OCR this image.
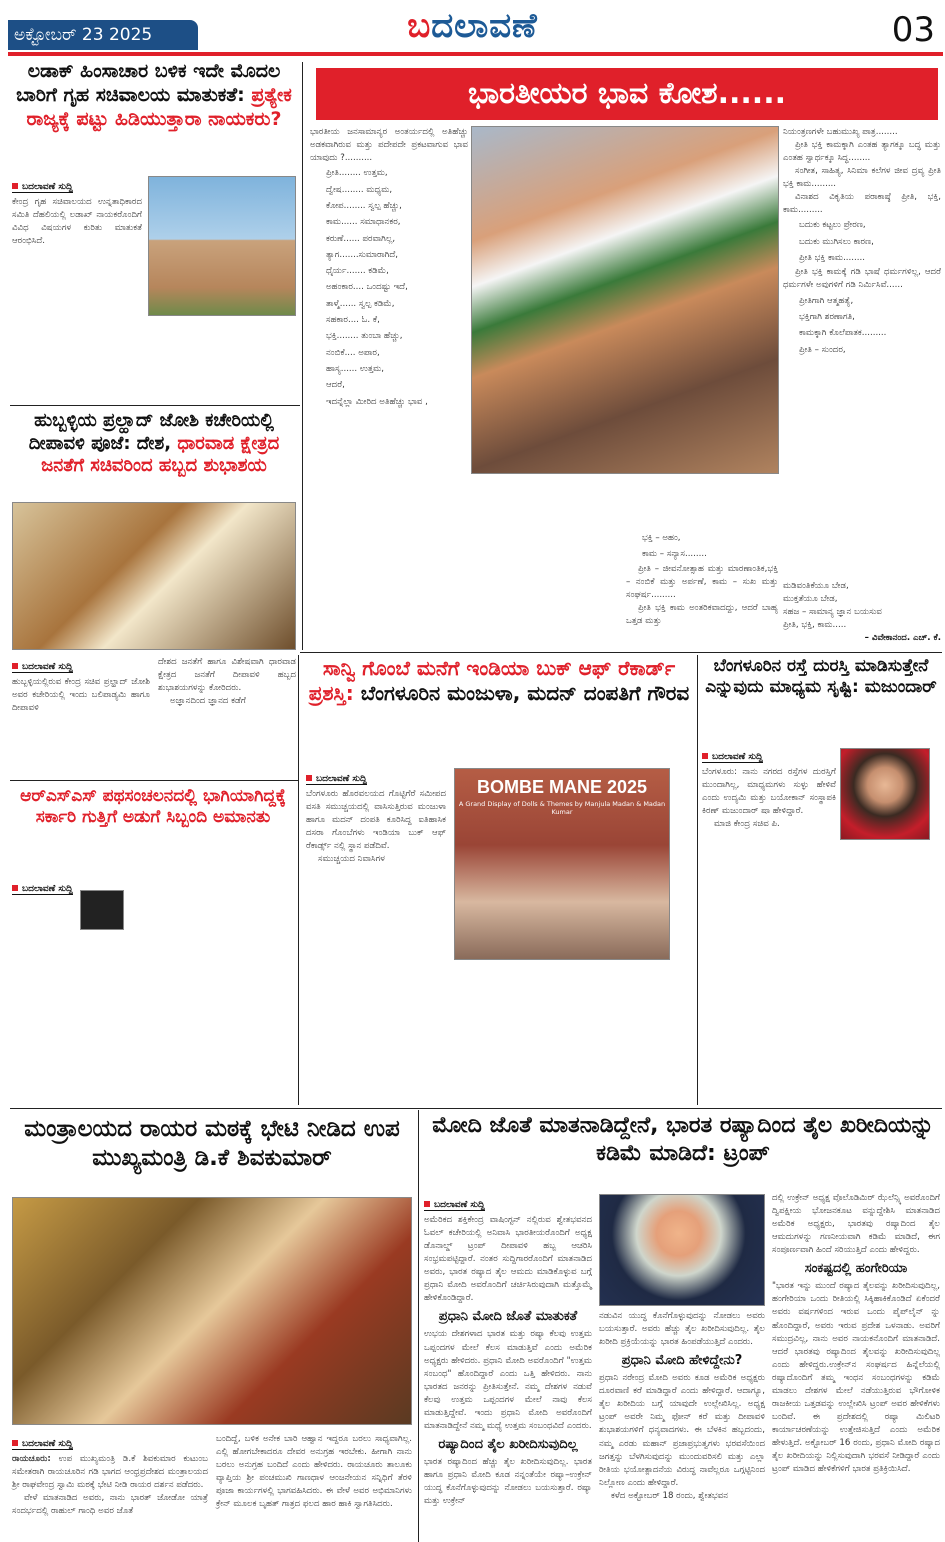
ಅಕ್ಟೋಬರ್ 23 2025	ಬದಲಾವಣೆ	03
ಲಡಾಕ್ ಹಿಂಸಾಚಾರ ಬಳಿಕ ಇದೇ ಮೊದಲ ಬಾರಿಗೆ ಗೃಹ ಸಚಿವಾಲಯ ಮಾತುಕತೆ: ಪ್ರತ್ಯೇಕ ರಾಜ್ಯಕ್ಕೆ ಪಟ್ಟು ಹಿಡಿಯುತ್ತಾರಾ ನಾಯಕರು?
ಬದಲಾವಣೆ ಸುದ್ದಿ
ಕೇಂದ್ರ ಗೃಹ ಸಚಿವಾಲಯದ ಉನ್ನತಾಧಿಕಾರದ ಸಮಿತಿ ದೆಹಲಿಯಲ್ಲಿ ಲಡಾಖ್ ನಾಯಕರೊಂದಿಗೆ ವಿವಿಧ ವಿಷಯಗಳ ಕುರಿತು ಮಾತುಕತೆ ಆರಂಭಿಸಿದೆ.
ಹುಬ್ಬಳ್ಳಿಯ ಪ್ರಲ್ಹಾದ್ ಜೋಶಿ ಕಚೇರಿಯಲ್ಲಿ ದೀಪಾವಳಿ ಪೂಜೆ: ದೇಶ, ಧಾರವಾಡ ಕ್ಷೇತ್ರದ ಜನತೆಗೆ ಸಚಿವರಿಂದ ಹಬ್ಬದ ಶುಭಾಶಯ
ಬದಲಾವಣೆ ಸುದ್ದಿ
ಹುಬ್ಬಳ್ಳಿಯಲ್ಲಿರುವ ಕೇಂದ್ರ ಸಚಿವ ಪ್ರಲ್ಹಾದ್ ಜೋಶಿ ಅವರ ಕಚೇರಿಯಲ್ಲಿ ಇಂದು ಬಲಿಪಾಡ್ಯಮಿ ಹಾಗೂ ದೀಪಾವಳಿ
ದೇಶದ ಜನತೆಗೆ ಹಾಗೂ ವಿಶೇಷವಾಗಿ ಧಾರವಾಡ ಕ್ಷೇತ್ರದ ಜನತೆಗೆ ದೀಪಾವಳಿ ಹಬ್ಬದ ಶುಭಾಶಯಗಳನ್ನು ಕೋರಿದರು.
ಅಜ್ಞಾನದಿಂದ ಜ್ಞಾನದ ಕಡೆಗೆ
ಆರ್‌ಎಸ್‌ಎಸ್ ಪಥಸಂಚಲನದಲ್ಲಿ ಭಾಗಿಯಾಗಿದ್ದಕ್ಕೆ ಸರ್ಕಾರಿ ಗುತ್ತಿಗೆ ಅಡುಗೆ ಸಿಬ್ಬಂದಿ ಅಮಾನತು
ಬದಲಾವಣೆ ಸುದ್ದಿ
ಭಾರತೀಯರ ಭಾವ ಕೋಶ......
ಭಾರತೀಯ ಜನಸಾಮಾನ್ಯರ ಅಂತರ್ಯದಲ್ಲಿ ಅತಿಹೆಚ್ಚು ಅಡಕವಾಗಿರುವ ಮತ್ತು ಪದೇಪದೇ ಪ್ರಕಟವಾಗುವ ಭಾವ ಯಾವುದು ?..........
ಪ್ರೀತಿ........ ಉತ್ತಮ,
ದ್ವೇಷ........ ಮಧ್ಯಮ,
ಕೋಪ........ ಸ್ವಲ್ಪ ಹೆಚ್ಚು,
ಕಾಮ...... ಸಮಾಧಾನಕರ,
ಕರುಣೆ...... ಪರವಾಗಿಲ್ಲ,
ತ್ಯಾಗ.......ಸುಮಾರಾಗಿದೆ,
ಧೈರ್ಯ....... ಕಡಿಮೆ,
ಅಹಂಕಾರ.... ಒಂದಷ್ಟು ಇದೆ,
ತಾಳ್ಮೆ...... ಸ್ವಲ್ಪ ಕಡಿಮೆ,
ಸಹಕಾರ.... ಓ. ಕೆ,
ಭಕ್ತಿ........ ತುಂಬಾ ಹೆಚ್ಚು,
ನಂಬಿಕೆ.... ಅಪಾರ,
ಹಾಸ್ಯ...... ಉತ್ತಮ,
ಆದರೆ,
ಇದನ್ನೆಲ್ಲಾ ಮೀರಿದ ಅತಿಹೆಚ್ಚು ಭಾವ ,
ನಿಯಂತ್ರಣಗಳೇ ಬಹುಮುಖ್ಯ ಪಾತ್ರ........
ಪ್ರೀತಿ ಭಕ್ತಿ ಕಾಮಕ್ಕಾಗಿ ಎಂತಹ ತ್ಯಾಗಕ್ಕೂ ಬದ್ಧ ಮತ್ತು ಎಂತಹ ಸ್ವಾರ್ಥಕ್ಕೂ ಸಿದ್ಧ........
ಸಂಗೀತ, ಸಾಹಿತ್ಯ, ಸಿನಿಮಾ ಕಲೆಗಳ ಜೀವ ದ್ರವ್ಯ ಪ್ರೀತಿ ಭಕ್ತಿ ಕಾಮ.........
ವಿನಾಶದ ವಿಕೃತಿಯ ಪರಾಕಾಷ್ಠೆ ಪ್ರೀತಿ, ಭಕ್ತಿ, ಕಾಮ.........
ಬದುಕು ಕಟ್ಟಲು ಪ್ರೇರಣ,
ಬದುಕು ಮುಗಿಸಲು ಕಾರಣ,
ಪ್ರೀತಿ ಭಕ್ತಿ ಕಾಮ........
ಪ್ರೀತಿ ಭಕ್ತಿ ಕಾಮಕ್ಕೆ ಗಡಿ ಭಾಷೆ ಧರ್ಮಗಳಿಲ್ಲ, ಆದರೆ ಧರ್ಮಗಳೇ ಅವುಗಳಿಗೆ ಗಡಿ ನಿರ್ಮಿಸಿವೆ......
ಪ್ರೀತಿಗಾಗಿ ಆತ್ಮಹತ್ಯೆ,
ಭಕ್ತಿಗಾಗಿ ಶರಣಾಗತಿ,
ಕಾಮಕ್ಕಾಗಿ ಕೊಲೆಪಾತಕ.........
ಪ್ರೀತಿ – ಸುಂದರ,
ಭಕ್ತಿ – ಅಹಂ,
ಕಾಮ – ಸನ್ಯಾಸ........
ಪ್ರೀತಿ – ಜೀವನೋತ್ಸಾಹ ಮತ್ತು ಮಾರಣಾಂತಿಕ,ಭಕ್ತಿ – ನಂಬಿಕೆ ಮತ್ತು ಅರ್ಪಣೆ, ಕಾಮ – ಸುಖ ಮತ್ತು ಸಂಘರ್ಷ.........
ಪ್ರೀತಿ ಭಕ್ತಿ ಕಾಮ ಅಂತರಿಕವಾದದ್ದು, ಆದರೆ ಬಾಹ್ಯ ಒತ್ತಡ ಮತ್ತು
ಮಡಿವಂತಿಕೆಯೂ ಬೇಡ,
ಮುಕ್ತತೆಯೂ ಬೇಡ,
ಸಹಜ – ಸಾಮಾನ್ಯ ಜ್ಞಾನ ಬಯಸುವ
ಪ್ರೀತಿ, ಭಕ್ತಿ, ಕಾಮ.....
– ವಿವೇಕಾನಂದ. ಎಚ್. ಕೆ.
ಸಾನ್ವಿ ಗೊಂಬೆ ಮನೆಗೆ ಇಂಡಿಯಾ ಬುಕ್ ಆಫ್ ರೆಕಾರ್ಡ್ ಪ್ರಶಸ್ತಿ: ಬೆಂಗಳೂರಿನ ಮಂಜುಳಾ, ಮದನ್ ದಂಪತಿಗೆ ಗೌರವ
ಬದಲಾವಣೆ ಸುದ್ದಿ
ಬೆಂಗಳೂರು ಹೊರವಲಯದ ಗೊಟ್ಟಿಗೆರೆ ಸಮೀಪದ ವಸತಿ ಸಮುಚ್ಚಯದಲ್ಲಿ ವಾಸಿಸುತ್ತಿರುವ ಮಂಜುಳಾ ಹಾಗೂ ಮದನ್ ದಂಪತಿ ಕೂರಿಸಿದ್ದ ಐತಿಹಾಸಿಕ ದಸರಾ ಗೊಂಬೆಗಳು ಇಂಡಿಯಾ ಬುಕ್ ಆಫ್ ರೆಕಾರ್ಡ್ಸ್ ನಲ್ಲಿ ಸ್ಥಾನ ಪಡೆದಿವೆ.
ಸಮುಚ್ಚಯದ ನಿವಾಸಿಗಳ
BOMBE MANE 2025
A Grand Display of Dolls & Themes by Manjula Madan & Madan Kumar
ಬೆಂಗಳೂರಿನ ರಸ್ತೆ ದುರಸ್ತಿ ಮಾಡಿಸುತ್ತೇನೆ ಎನ್ನುವುದು ಮಾಧ್ಯಮ ಸೃಷ್ಟಿ: ಮಜುಂದಾರ್
ಬದಲಾವಣೆ ಸುದ್ದಿ
ಬೆಂಗಳೂರು: ನಾನು ನಗರದ ರಸ್ತೆಗಳ ದುರಸ್ತಿಗೆ ಮುಂದಾಗಿಲ್ಲ, ಮಾಧ್ಯಮಗಳು ಸುಳ್ಳು ಹೇಳಿವೆ ಎಂದು ಉದ್ಯಮಿ ಮತ್ತು ಬಯೋಕಾನ್ ಸಂಸ್ಥಾಪಕಿ ಕಿರಣ್ ಮಜುಂದಾರ್ ಷಾ ಹೇಳಿದ್ದಾರೆ.
ಮಾಜಿ ಕೇಂದ್ರ ಸಚಿವ ಪಿ.
ಮಂತ್ರಾಲಯದ ರಾಯರ ಮಠಕ್ಕೆ ಭೇಟಿ ನೀಡಿದ ಉಪ ಮುಖ್ಯಮಂತ್ರಿ ಡಿ.ಕೆ ಶಿವಕುಮಾರ್
ಬದಲಾವಣೆ ಸುದ್ದಿ
ರಾಯಚೂರು: ಉಪ ಮುಖ್ಯಮಂತ್ರಿ ಡಿ.ಕೆ ಶಿವಕುಮಾರ ಕುಟುಂಬ ಸಮೇತರಾಗಿ ರಾಯಚೂರಿನ ಗಡಿ ಭಾಗದ ಆಂಧ್ರಪ್ರದೇಶದ ಮಂತ್ರಾಲಯದ ಶ್ರೀ ರಾಘವೇಂದ್ರ ಸ್ವಾಮಿ ಮಠಕ್ಕೆ ಭೇಟಿ ನೀಡಿ ರಾಯರ ದರ್ಶನ ಪಡೆದರು.
ವೇಳೆ ಮಾತನಾಡಿದ ಅವರು, ನಾನು ಭಾರತ್ ಜೋಡೋ ಯಾತ್ರೆ ಸಂದರ್ಭದಲ್ಲಿ ರಾಹುಲ್ ಗಾಂಧಿ ಅವರ ಜೊತೆ
ಬಂದಿದ್ದೆ, ಬಳಿಕ ಅನೇಕ ಬಾರಿ ಆಹ್ವಾನ ಇದ್ದರೂ ಬರಲು ಸಾಧ್ಯವಾಗಿಲ್ಲ. ಎಲ್ಲಿ ಹೋಗಬೇಕಾದರೂ ದೇವರ ಅನುಗ್ರಹ ಇರಬೇಕು. ಹೀಗಾಗಿ ನಾನು ಬರಲು ಅನುಗ್ರಹ ಬಂದಿದೆ ಎಂದು ಹೇಳಿದರು. ರಾಯಚೂರು ತಾಲೂಕು ವ್ಯಾಪ್ತಿಯ ಶ್ರೀ ಪಂಚಮುಖಿ ಗಾಣಧಾಳ ಆಂಜನೇಯನ ಸನ್ನಿಧಿಗೆ ತೆರಳಿ ಪೂಜಾ ಕಾರ್ಯಗಳಲ್ಲಿ ಭಾಗವಹಿಸಿದರು. ಈ ವೇಳೆ ಅವರ ಅಭಿಮಾನಿಗಳು ಕ್ರೇನ್ ಮೂಲಕ ಬೃಹತ್ ಗಾತ್ರದ ಫಲದ ಹಾರ ಹಾಕಿ ಸ್ವಾಗತಿಸಿದರು.
ಮೋದಿ ಜೊತೆ ಮಾತನಾಡಿದ್ದೇನೆ, ಭಾರತ ರಷ್ಯಾದಿಂದ ತೈಲ ಖರೀದಿಯನ್ನು ಕಡಿಮೆ ಮಾಡಿದೆ: ಟ್ರಂಪ್
ಬದಲಾವಣೆ ಸುದ್ದಿ
ಅಮೆರಿಕದ ಶಕ್ತಿಕೇಂದ್ರ ವಾಷಿಂಗ್ಟನ್ ನಲ್ಲಿರುವ ಶ್ವೇತಭವನದ ಓವಲ್ ಕಚೇರಿಯಲ್ಲಿ ಅನಿವಾಸಿ ಭಾರತೀಯರೊಂದಿಗೆ ಅಧ್ಯಕ್ಷ ಡೊನಾಲ್ಡ್ ಟ್ರಂಪ್ ದೀಪಾವಳಿ ಹಬ್ಬ ಆಚರಿಸಿ ಸಂಭ್ರಮಪಟ್ಟಿದ್ದಾರೆ. ನಂತರ ಸುದ್ದಿಗಾರರೊಂದಿಗೆ ಮಾತನಾಡಿದ ಅವರು, ಭಾರತ ರಷ್ಯಾದ ತೈಲ ಆಮದು ಮಾಡಿಕೊಳ್ಳುವ ಬಗ್ಗೆ ಪ್ರಧಾನಿ ಮೋದಿ ಅವರೊಂದಿಗೆ ಚರ್ಚಿಸಿರುವುದಾಗಿ ಮತ್ತೊಮ್ಮೆ ಹೇಳಿಕೊಂಡಿದ್ದಾರೆ.
ಪ್ರಧಾನಿ ಮೋದಿ ಜೊತೆ ಮಾತುಕತೆ
ಉಭಯ ದೇಶಗಳಾದ ಭಾರತ ಮತ್ತು ರಷ್ಯಾ ಕೆಲವು ಉತ್ತಮ ಒಪ್ಪಂದಗಳ ಮೇಲೆ ಕೆಲಸ ಮಾಡುತ್ತಿವೆ ಎಂದು ಅಮೆರಿಕ ಅಧ್ಯಕ್ಷರು ಹೇಳಿದರು. ಪ್ರಧಾನಿ ಮೋದಿ ಅವರೊಂದಿಗೆ "ಉತ್ತಮ ಸಂಬಂಧ" ಹೊಂದಿದ್ದಾರೆ ಎಂದು ಒತ್ತಿ ಹೇಳಿದರು. ನಾನು ಭಾರತದ ಜನರನ್ನು ಪ್ರೀತಿಸುತ್ತೇನೆ. ನಮ್ಮ ದೇಶಗಳ ನಡುವೆ ಕೆಲವು ಉತ್ತಮ ಒಪ್ಪಂದಗಳ ಮೇಲೆ ನಾವು ಕೆಲಸ ಮಾಡುತ್ತಿದ್ದೇವೆ. ಇಂದು ಪ್ರಧಾನಿ ಮೋದಿ ಅವರೊಂದಿಗೆ ಮಾತನಾಡಿದ್ದೇನೆ ನಮ್ಮ ಮಧ್ಯೆ ಉತ್ತಮ ಸಂಬಂಧವಿದೆ ಎಂದರು.
ರಷ್ಯಾದಿಂದ ತೈಲ ಖರೀದಿಸುವುದಿಲ್ಲ
ಭಾರತ ರಷ್ಯಾದಿಂದ ಹೆಚ್ಚು ತೈಲ ಖರೀದಿಸುವುದಿಲ್ಲ. ಭಾರತ ಹಾಗೂ ಪ್ರಧಾನಿ ಮೋದಿ ಕೂಡ ನನ್ನಂತೆಯೇ ರಷ್ಯಾ–ಉಕ್ರೇನ್ ಯುದ್ಧ ಕೊನೆಗೊಳ್ಳುವುದನ್ನು ನೋಡಲು ಬಯಸುತ್ತಾರೆ. ರಷ್ಯಾ ಮತ್ತು ಉಕ್ರೇನ್
ನಡುವಿನ ಯುದ್ಧ ಕೊನೆಗೊಳ್ಳುವುದನ್ನು ನೋಡಲು ಅವರು ಬಯಸುತ್ತಾರೆ. ಅವರು ಹೆಚ್ಚು ತೈಲ ಖರೀದಿಸುವುದಿಲ್ಲ. ತೈಲ ಖರೀದಿ ಪ್ರಕ್ರಿಯೆಯನ್ನು ಭಾರತ ಹಿಂಪಡೆಯುತ್ತಿದೆ ಎಂದರು.
ಪ್ರಧಾನಿ ಮೋದಿ ಹೇಳಿದ್ದೇನು?
ಪ್ರಧಾನಿ ನರೇಂದ್ರ ಮೋದಿ ಅವರು ಕೂಡ ಅಮೆರಿಕ ಅಧ್ಯಕ್ಷರು ದೂರವಾಣಿ ಕರೆ ಮಾಡಿದ್ದಾರೆ ಎಂದು ಹೇಳಿದ್ದಾರೆ. ಆದಾಗ್ಯೂ, ತೈಲ ಖರೀದಿಯ ಬಗ್ಗೆ ಯಾವುದೇ ಉಲ್ಲೇಖಿಸಿಲ್ಲ. ಅಧ್ಯಕ್ಷ ಟ್ರಂಪ್ ಅವರೇ ನಿಮ್ಮ ಫೋನ್ ಕರೆ ಮತ್ತು ದೀಪಾವಳಿ ಶುಭಾಶಯಗಳಿಗೆ ಧನ್ಯವಾದಗಳು. ಈ ಬೆಳಕಿನ ಹಬ್ಬದಂದು, ನಮ್ಮ ಎರಡು ಮಹಾನ್ ಪ್ರಜಾಪ್ರಭುತ್ವಗಳು ಭರವಸೆಯಿಂದ ಜಗತ್ತನ್ನು ಬೆಳಗಿಸುವುದನ್ನು ಮುಂದುವರಿಸಲಿ ಮತ್ತು ಎಲ್ಲಾ ರೀತಿಯ ಭಯೋತ್ಪಾದನೆಯ ವಿರುದ್ಧ ನಾವೆಲ್ಲರೂ ಒಗ್ಗಟ್ಟಿನಿಂದ ನಿಲ್ಲೋಣ ಎಂದು ಹೇಳಿದ್ದಾರೆ.
ಕಳೆದ ಅಕ್ಟೋಬರ್ 18 ರಂದು, ಶ್ವೇತಭವನ
ದಲ್ಲಿ ಉಕ್ರೇನ್ ಅಧ್ಯಕ್ಷ ವೊಲೊಡಿಮಿರ್ ಝೆಲೆನ್ಸ್ಕಿ ಅವರೊಂದಿಗೆ ದ್ವಿಪಕ್ಷೀಯ ಭೋಜನಕೂಟ ವನ್ನುದ್ದೇಶಿಸಿ ಮಾತನಾಡಿದ ಅಮೆರಿಕ ಅಧ್ಯಕ್ಷರು, ಭಾರತವು ರಷ್ಯಾದಿಂದ ತೈಲ ಆಮದುಗಳನ್ನು ಗಣನೀಯವಾಗಿ ಕಡಿಮೆ ಮಾಡಿದೆ, ಈಗ ಸಂಪೂರ್ಣವಾಗಿ ಹಿಂದೆ ಸರಿಯುತ್ತಿದೆ ಎಂದು ಹೇಳಿದ್ದರು.
ಸಂಕಷ್ಟದಲ್ಲಿ ಹಂಗೇರಿಯಾ
"ಭಾರತ ಇನ್ನು ಮುಂದೆ ರಷ್ಯಾದ ತೈಲವನ್ನು ಖರೀದಿಸುವುದಿಲ್ಲ, ಹಂಗೇರಿಯಾ ಒಂದು ರೀತಿಯಲ್ಲಿ ಸಿಕ್ಕಿಹಾಕಿಕೊಂಡಿದೆ ಏಕೆಂದರೆ ಅವರು ವರ್ಷಗಳಿಂದ ಇರುವ ಒಂದು ಪೈಪ್‌ಲೈನ್ ನ್ನು ಹೊಂದಿದ್ದಾರೆ, ಅವರು ಇರುವ ಪ್ರದೇಶ ಒಳನಾಡು. ಅವರಿಗೆ ಸಮುದ್ರವಿಲ್ಲ, ನಾನು ಅವರ ನಾಯಕನೊಂದಿಗೆ ಮಾತನಾಡಿದೆ. ಆದರೆ ಭಾರತವು ರಷ್ಯಾದಿಂದ ತೈಲವನ್ನು ಖರೀದಿಸುವುದಿಲ್ಲ ಎಂದು ಹೇಳಿದ್ದರು.ಉಕ್ರೇನ್‌ನ ಸಂಘರ್ಷದ ಹಿನ್ನೆಲೆಯಲ್ಲಿ ರಷ್ಯಾದೊಂದಿಗೆ ತಮ್ಮ ಇಂಧನ ಸಂಬಂಧಗಳನ್ನು ಕಡಿಮೆ ಮಾಡಲು ದೇಶಗಳ ಮೇಲೆ ನಡೆಯುತ್ತಿರುವ ಭೌಗೋಳಿಕ ರಾಜಕೀಯ ಒತ್ತಡವನ್ನು ಉಲ್ಲೇಖಿಸಿ ಟ್ರಂಪ್ ಅವರ ಹೇಳಿಕೆಗಳು ಬಂದಿವೆ. ಈ ಪ್ರದೇಶದಲ್ಲಿ ರಷ್ಯಾ ಮಿಲಿಟರಿ ಕಾರ್ಯಾಚರಣೆಯನ್ನು ಉತ್ತೇಜಿಸುತ್ತಿದೆ ಎಂದು ಅಮೆರಿಕ ಹೇಳುತ್ತಿದೆ. ಅಕ್ಟೋಬರ್ 16 ರಂದು, ಪ್ರಧಾನಿ ಮೋದಿ ರಷ್ಯಾದ ತೈಲ ಖರೀದಿಯನ್ನು ನಿಲ್ಲಿಸುವುದಾಗಿ ಭರವಸೆ ನೀಡಿದ್ದಾರೆ ಎಂದು ಟ್ರಂಪ್ ಮಾಡಿದ ಹೇಳಿಕೆಗಳಿಗೆ ಭಾರತ ಪ್ರತಿಕ್ರಿಯಿಸಿದೆ.
